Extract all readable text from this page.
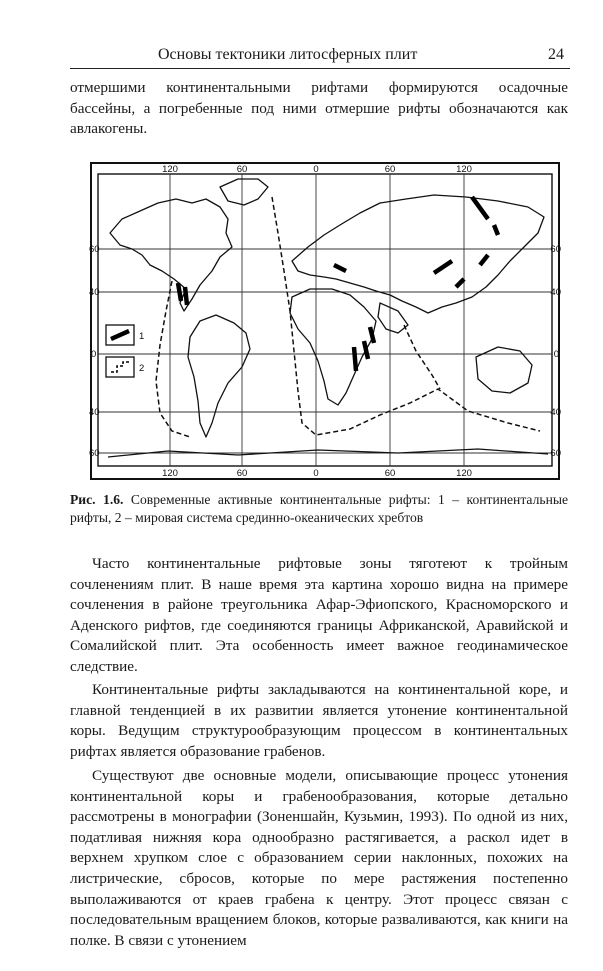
Основы тектоники литосферных плит	24
отмершими континентальными рифтами формируются осадочные бассейны, а погребенные под ними отмершие рифты обозначаются как авлакогены.
1
2
120	60	0	60	120
120	60	0	60	120
60
40
0
40
60
60
40
0
40
60
Рис. 1.6. Современные активные континентальные рифты: 1 – континентальные рифты, 2 – мировая система срединно-океанических хребтов
Часто континентальные рифтовые зоны тяготеют к тройным сочленениям плит. В наше время эта картина хорошо видна на примере сочленения в районе треугольника Афар-Эфиопского, Красноморского и Аденского рифтов, где соединяются границы Африканской, Аравийской и Сомалийской плит. Эта особенность имеет важное геодинамическое следствие.
Континентальные рифты закладываются на континентальной коре, и главной тенденцией в их развитии является утонение континентальной коры. Ведущим структурообразующим процессом в континентальных рифтах является образование грабенов.
Существуют две основные модели, описывающие процесс утонения континентальной коры и грабенообразования, которые детально рассмотрены в монографии (Зоненшайн, Кузьмин, 1993). По одной из них, податливая нижняя кора однообразно растягивается, а раскол идет в верхнем хрупком слое с образованием серии наклонных, похожих на листрические, сбросов, которые по мере растяжения постепенно выполаживаются от краев грабена к центру. Этот процесс связан с последовательным вращением блоков, которые разваливаются, как книги на полке. В связи с утонением
